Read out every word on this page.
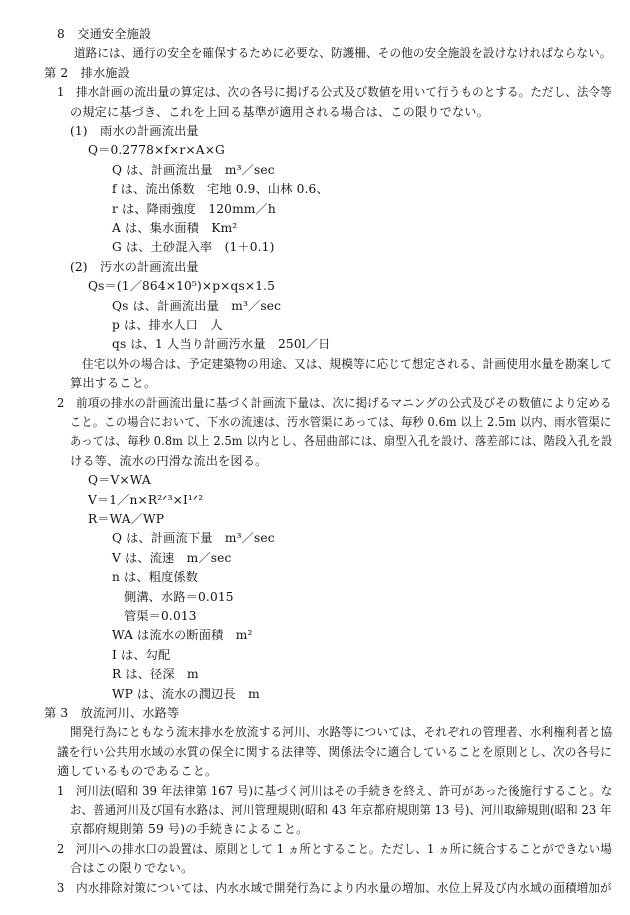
8　交通安全施設
道路には、通行の安全を確保するために必要な、防護柵、その他の安全施設を設けなければならない。
第 2　排水施設
1　排水計画の流出量の算定は、次の各号に掲げる公式及び数値を用いて行うものとする。ただし、法令等
の規定に基づき、これを上回る基準が適用される場合は、この限りでない。
(1)　雨水の計画流出量
Q＝0.2778×f×r×A×G
Q は、計画流出量　m³／sec
f は、流出係数　宅地 0.9、山林 0.6、
r は、降雨強度　120mm／h
A は、集水面積　Km²
G は、土砂混入率　(1＋0.1)
(2)　汚水の計画流出量
Qs＝(1／864×10⁵)×p×qs×1.5
Qs は、計画流出量　m³／sec
p は、排水人口　人
qs は、1 人当り計画汚水量　250l／日
住宅以外の場合は、予定建築物の用途、又は、規模等に応じて想定される、計画使用水量を勘案して
算出すること。
2　前項の排水の計画流出量に基づく計画流下量は、次に掲げるマニングの公式及びその数値により定める
こと。この場合において、下水の流速は、汚水管渠にあっては、毎秒 0.6m 以上 2.5m 以内、雨水管渠に
あっては、毎秒 0.8m 以上 2.5m 以内とし、各屈曲部には、扇型入孔を設け、落差部には、階段入孔を設
ける等、流水の円滑な流出を図る。
Q＝V×WA
V＝1／n×R²ᐟ³×I¹ᐟ²
R＝WA／WP
Q は、計画流下量　m³／sec
V は、流速　m／sec
n は、粗度係数
側溝、水路＝0.015
管渠＝0.013
WA は流水の断面積　m²
I は、勾配
R は、径深　m
WP は、流水の潤辺長　m
第 3　放流河川、水路等
開発行為にともなう流末排水を放流する河川、水路等については、それぞれの管理者、水利権利者と協
議を行い公共用水域の水質の保全に関する法律等、関係法令に適合していることを原則とし、次の各号に
適しているものであること。
1　河川法(昭和 39 年法律第 167 号)に基づく河川はその手続きを終え、許可があった後施行すること。な
お、普通河川及び国有水路は、河川管理規則(昭和 43 年京都府規則第 13 号)、河川取締規則(昭和 23 年
京都府規則第 59 号)の手続きによること。
2　河川への排水口の設置は、原則として 1 ヵ所とすること。ただし、1 ヵ所に統合することができない場
合はこの限りでない。
3　内水排除対策については、内水水域で開発行為により内水量の増加、水位上昇及び内水域の面積増加が
